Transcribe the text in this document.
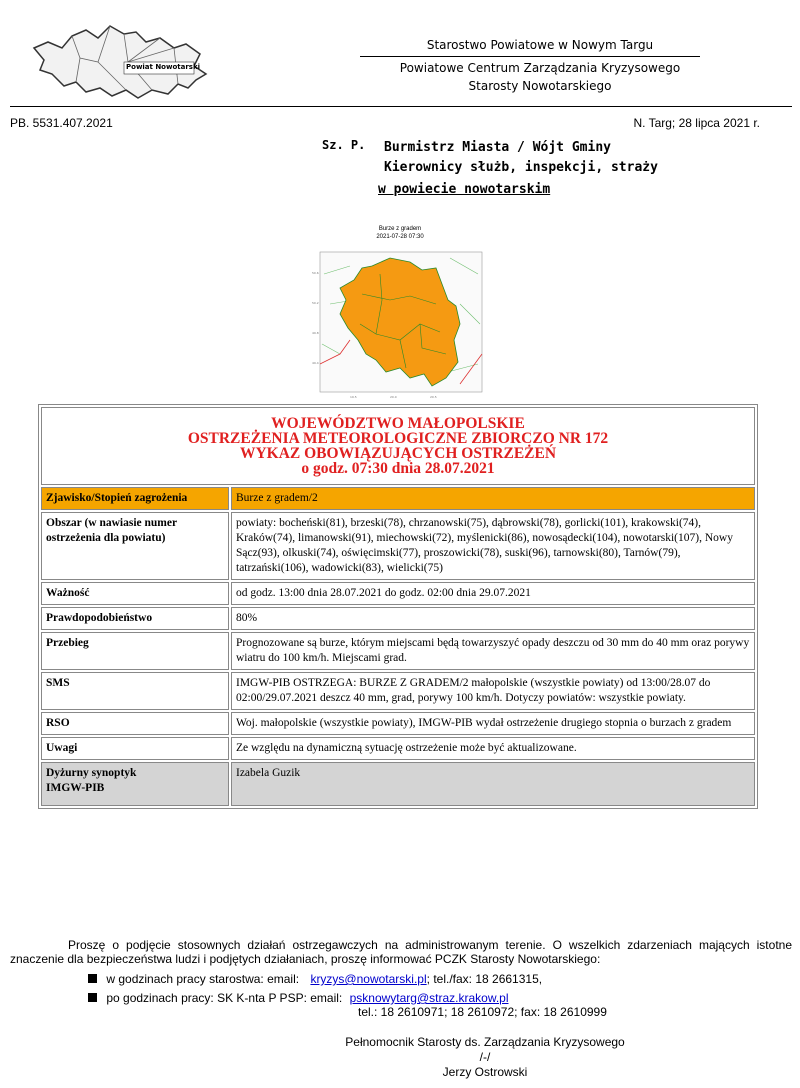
Powiat Nowotarski
Starostwo Powiatowe w Nowym Targu
Powiatowe Centrum Zarządzania Kryzysowego
Starosty Nowotarskiego
PB. 5531.407.2021	N. Targ; 28 lipca 2021 r.
Sz. P. Burmistrz Miasta / Wójt Gminy
Kierownicy służb, inspekcji, straży
w powiecie nowotarskim
Burze z gradem
2021-07-28 07:30
50.6
50.2
49.8
49.4
19.5	20.0	20.5
WOJEWÓDZTWO MAŁOPOLSKIE
OSTRZEŻENIA METEOROLOGICZNE ZBIORCZO NR 172
WYKAZ OBOWIĄZUJĄCYCH OSTRZEŻEŃ
o godz. 07:30 dnia 28.07.2021	

Zjawisko/Stopień zagrożenia	Burze z gradem/2
Obszar (w nawiasie numer ostrzeżenia dla powiatu)	powiaty: bocheński(81), brzeski(78), chrzanowski(75), dąbrowski(78), gorlicki(101), krakowski(74), Kraków(74), limanowski(91), miechowski(72), myślenicki(86), nowosądecki(104), nowotarski(107), Nowy Sącz(93), olkuski(74), oświęcimski(77), proszowicki(78), suski(96), tarnowski(80), Tarnów(79), tatrzański(106), wadowicki(83), wielicki(75)
Ważność	od godz. 13:00 dnia 28.07.2021 do godz. 02:00 dnia 29.07.2021
Prawdopodobieństwo	80%
Przebieg	Prognozowane są burze, którym miejscami będą towarzyszyć opady deszczu od 30 mm do 40 mm oraz porywy wiatru do 100 km/h. Miejscami grad.
SMS	IMGW-PIB OSTRZEGA: BURZE Z GRADEM/2 małopolskie (wszystkie powiaty) od 13:00/28.07 do 02:00/29.07.2021 deszcz 40 mm, grad, porywy 100 km/h. Dotyczy powiatów: wszystkie powiaty.
RSO	Woj. małopolskie (wszystkie powiaty), IMGW-PIB wydał ostrzeżenie drugiego stopnia o burzach z gradem
Uwagi	Ze względu na dynamiczną sytuację ostrzeżenie może być aktualizowane.

Dyżurny synoptyk
IMGW-PIB	Izabela Guzik
Proszę o podjęcie stosownych działań ostrzegawczych na administrowanym terenie. O wszelkich zdarzeniach mających istotne znaczenie dla bezpieczeństwa ludzi i podjętych działaniach, proszę informować PCZK Starosty Nowotarskiego:
w godzinach pracy starostwa: email: kryzys@nowotarski.pl; tel./fax: 18 2661315,
po godzinach pracy: SK K-nta P PSP: email: psknowytarg@straz.krakow.pl
tel.: 18 2610971; 18 2610972; fax: 18 2610999
Pełnomocnik Starosty ds. Zarządzania Kryzysowego
/-/
Jerzy Ostrowski
